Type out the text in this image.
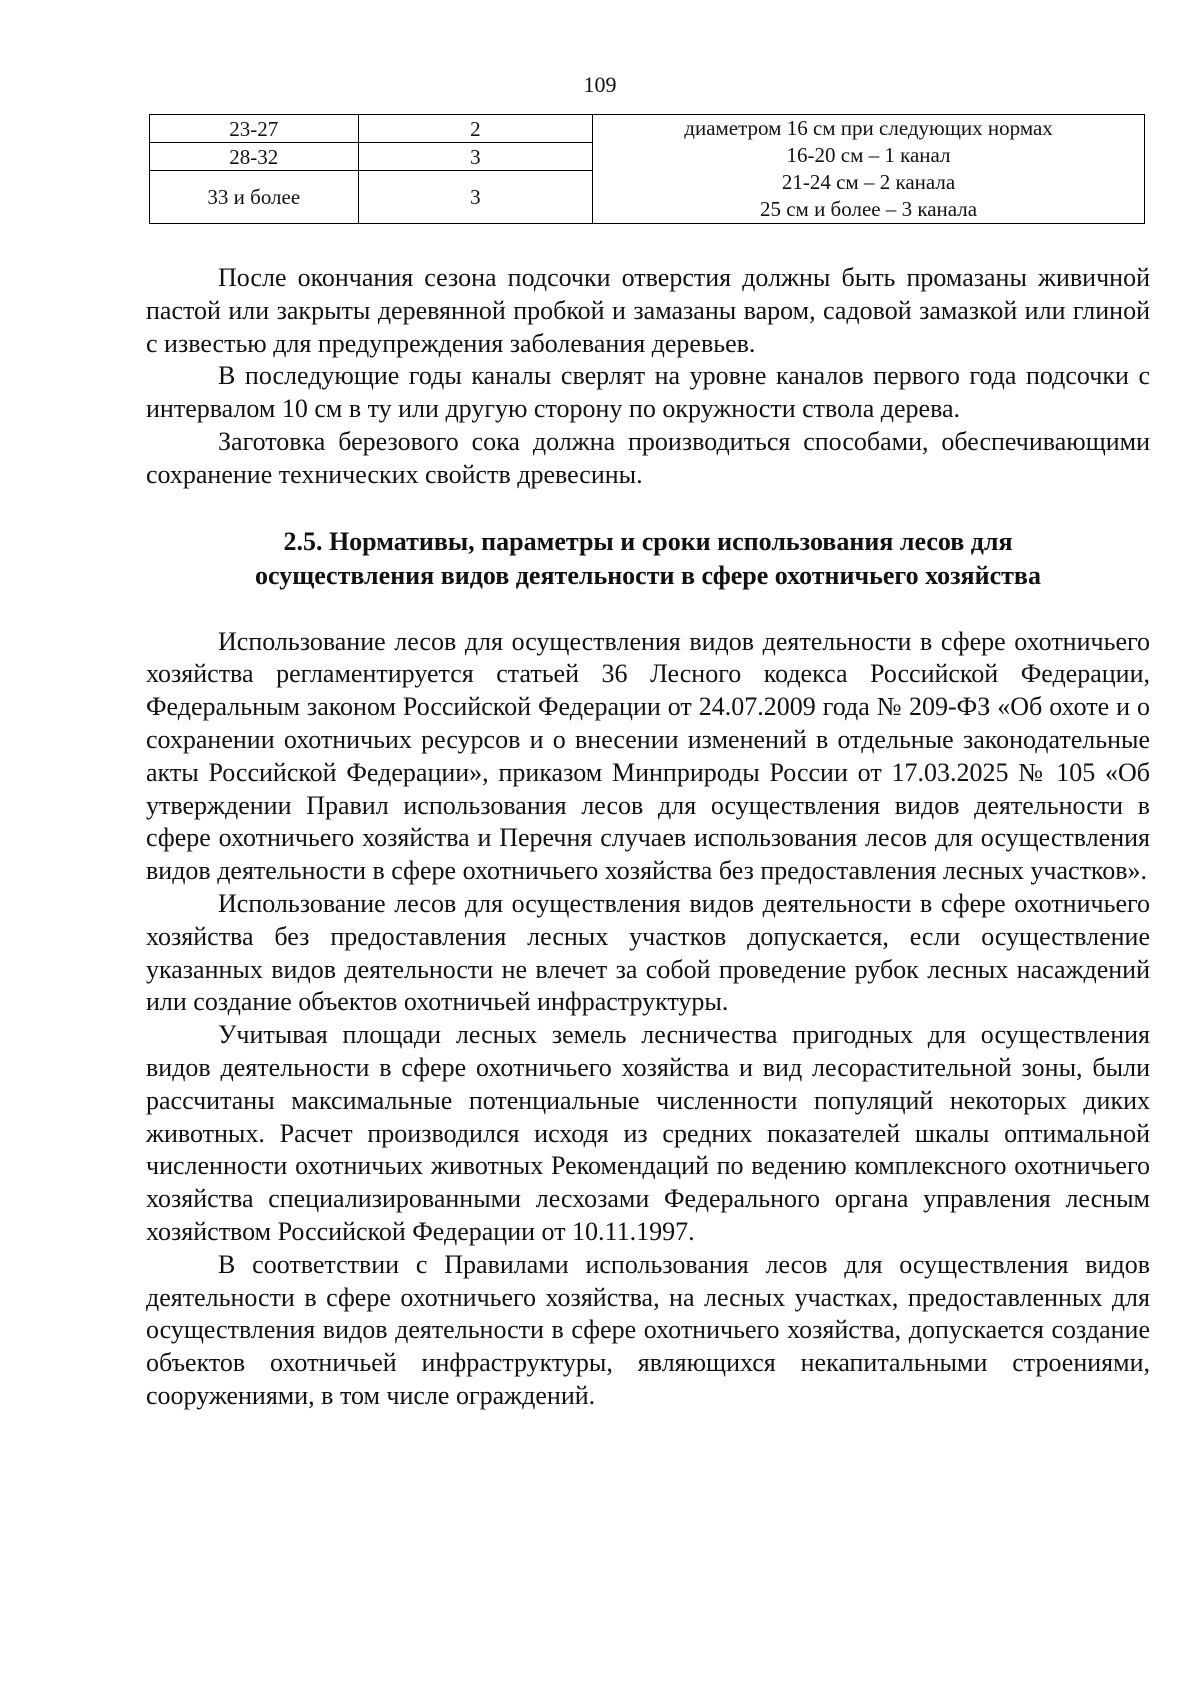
109
23-27	2	диаметром 16 см при следующих нормах
16-20 см – 1 канал
21-24 см – 2 канала
25 см и более – 3 канала

28-32	3	
33 и более	3	

После окончания сезона подсочки отверстия должны быть промазаны живичной пастой или закрыты деревянной пробкой и замазаны варом, садовой замазкой или глиной с известью для предупреждения заболевания деревьев.

В последующие годы каналы сверлят на уровне каналов первого года подсочки с интервалом 10 см в ту или другую сторону по окружности ствола дерева.

Заготовка березового сока должна производиться способами, обеспечивающими сохранение технических свойств древесины.

2.5. Нормативы, параметры и сроки использования лесов для
осуществления видов деятельности в сфере охотничьего хозяйства

Использование лесов для осуществления видов деятельности в сфере охотничьего хозяйства регламентируется статьей 36 Лесного кодекса Российской Федерации, Федеральным законом Российской Федерации от 24.07.2009 года № 209-ФЗ «Об охоте и о сохранении охотничьих ресурсов и о внесении изменений в отдельные законодательные акты Российской Федерации», приказом Минприроды России от 17.03.2025 № 105 «Об утверждении Правил использования лесов для осуществления видов деятельности в сфере охотничьего хозяйства и Перечня случаев использования лесов для осуществления видов деятельности в сфере охотничьего хозяйства без предоставления лесных участков».

Использование лесов для осуществления видов деятельности в сфере охотничьего хозяйства без предоставления лесных участков допускается, если осуществление указанных видов деятельности не влечет за собой проведение рубок лесных насаждений или создание объектов охотничьей инфраструктуры.

Учитывая площади лесных земель лесничества пригодных для осуществления видов деятельности в сфере охотничьего хозяйства и вид лесорастительной зоны, были рассчитаны максимальные потенциальные численности популяций некоторых диких животных. Расчет производился исходя из средних показателей шкалы оптимальной численности охотничьих животных Рекомендаций по ведению комплексного охотничьего хозяйства специализированными лесхозами Федерального органа управления лесным хозяйством Российской Федерации от 10.11.1997.

В соответствии с Правилами использования лесов для осуществления видов деятельности в сфере охотничьего хозяйства, на лесных участках, предоставленных для осуществления видов деятельности в сфере охотничьего хозяйства, допускается создание объектов охотничьей инфраструктуры, являющихся некапитальными строениями, сооружениями, в том числе ограждений.
